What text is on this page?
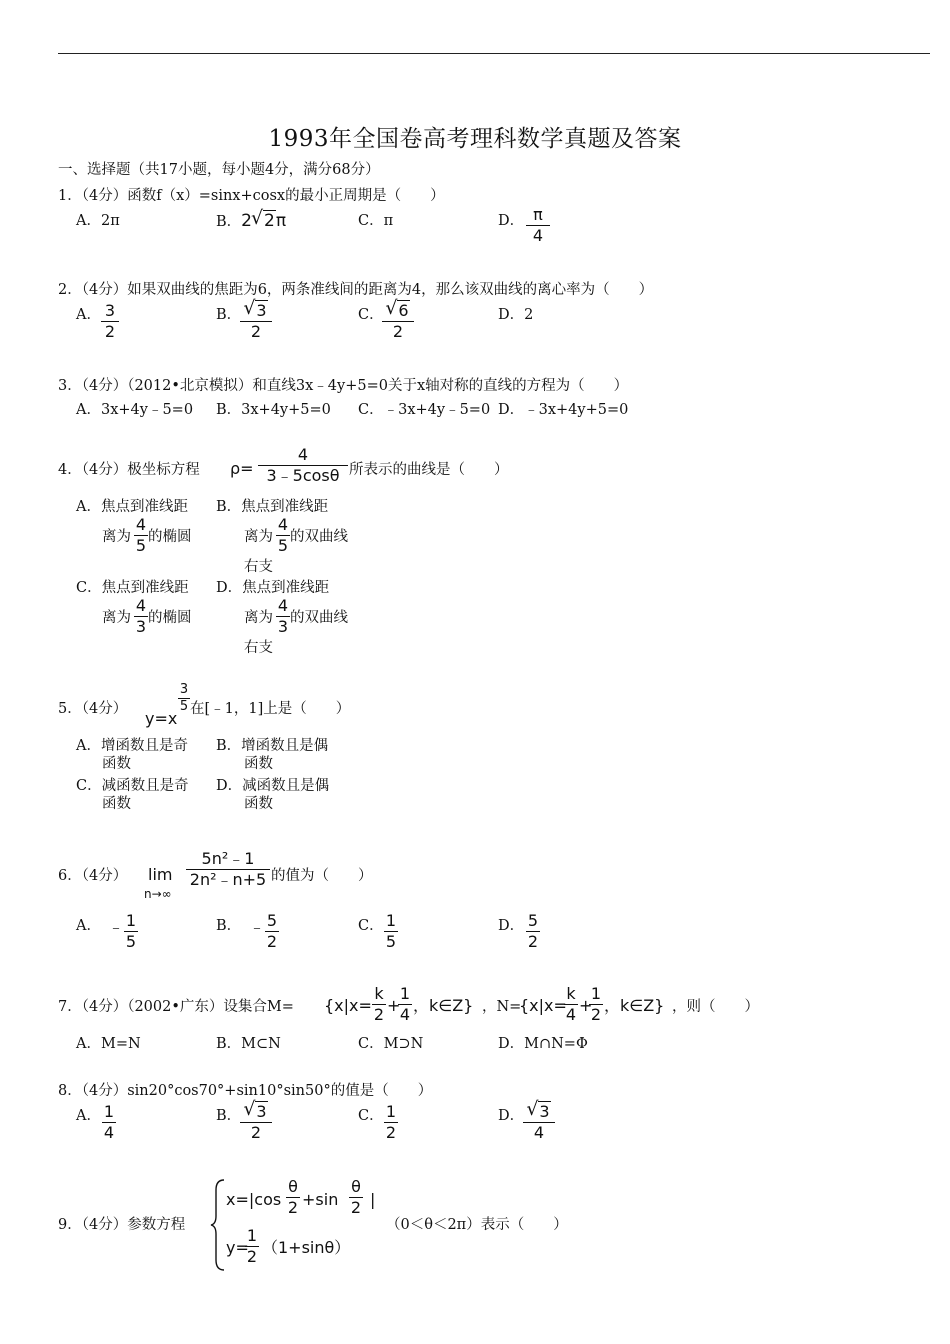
1993年全国卷高考理科数学真题及答案
一、选择题（共17小题，每小题4分，满分68分）
1．（4分）函数f（x）=sinx+cosx的最小正周期是（　　）
A．2π	B．2 √ 2π	C．π	D． π
4
2．（4分）如果双曲线的焦距为6，两条准线间的距离为4，那么该双曲线的离心率为（　　）
A． 3
2
B． √ 3
2
C． √ 6
2
D．2
3．（4分）（2012•北京模拟）和直线3x﹣4y+5=0关于x轴对称的直线的方程为（　　）
A．3x+4y﹣5=0 B．3x+4y+5=0 C．﹣3x+4y﹣5=0 D．﹣3x+4y+5=0
4．（4分）极坐标方程 ρ=
4
3﹣5cosθ 所表示的曲线是（　　）
A．焦点到准线距
离为
4
5 的椭圆
B．焦点到准线距
离为
4
5 的双曲线
右支
C．焦点到准线距
离为
4
3 的椭圆
D．焦点到准线距
离为
4
3 的双曲线
右支
5．（4分） y=x
3
5 在[﹣1，1]上是（　　）
A．增函数且是奇
函数
B．增函数且是偶
函数
C．减函数且是奇
函数
D．减函数且是偶
函数
6．（4分） lim
n→∞
5n²﹣1
2n²﹣n+5 的值为（　　）
A． ﹣ 1
5
B． ﹣ 5
2
C． 1
5
D． 5
2
7．（4分）（2002•广东）设集合M= {x|x=
k
2 +
1
4 ，k∈Z} ，N=
{x|x=
k
4 +
1
2 ，k∈Z} ，则（　　）
A．M=N	B．M⊂N	C．M⊃N	D．M∩N=Φ
8．（4分）sin20°cos70°+sin10°sin50°的值是（　　）
A． 1
4
B． √ 3
2
C． 1
2
D． √ 3
4
9．（4分）参数方程
x=|cos
θ
2 +sin
θ
2 |
y=
1
2 （1+sinθ）
（0＜θ＜2π）表示（　　）
